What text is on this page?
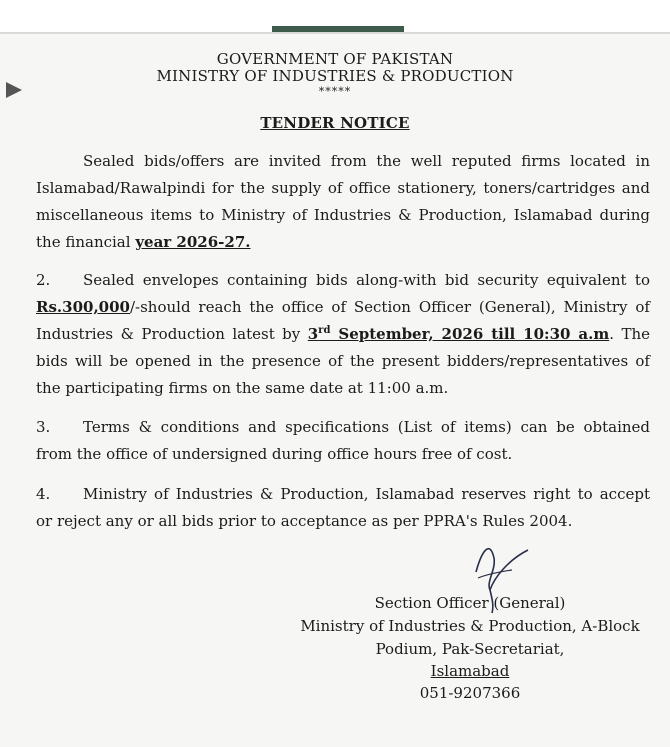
GOVERNMENT OF PAKISTAN
MINISTRY OF INDUSTRIES & PRODUCTION
*****
TENDER NOTICE
Sealed bids/offers are invited from the well reputed firms located in Islamabad/Rawalpindi for the supply of office stationery, toners/cartridges and miscellaneous items to Ministry of Industries & Production, Islamabad during the financial year 2026-27.
2. Sealed envelopes containing bids along-with bid security equivalent to Rs.300,000/-should reach the office of Section Officer (General), Ministry of Industries & Production latest by 3rd September, 2026 till 10:30 a.m. The bids will be opened in the presence of the present bidders/representatives of the participating firms on the same date at 11:00 a.m.
3. Terms & conditions and specifications (List of items) can be obtained from the office of undersigned during office hours free of cost.
4. Ministry of Industries & Production, Islamabad reserves right to accept or reject any or all bids prior to acceptance as per PPRA's Rules 2004.
Section Officer (General)
Ministry of Industries & Production, A-Block
Podium, Pak-Secretariat,
Islamabad
051-9207366
